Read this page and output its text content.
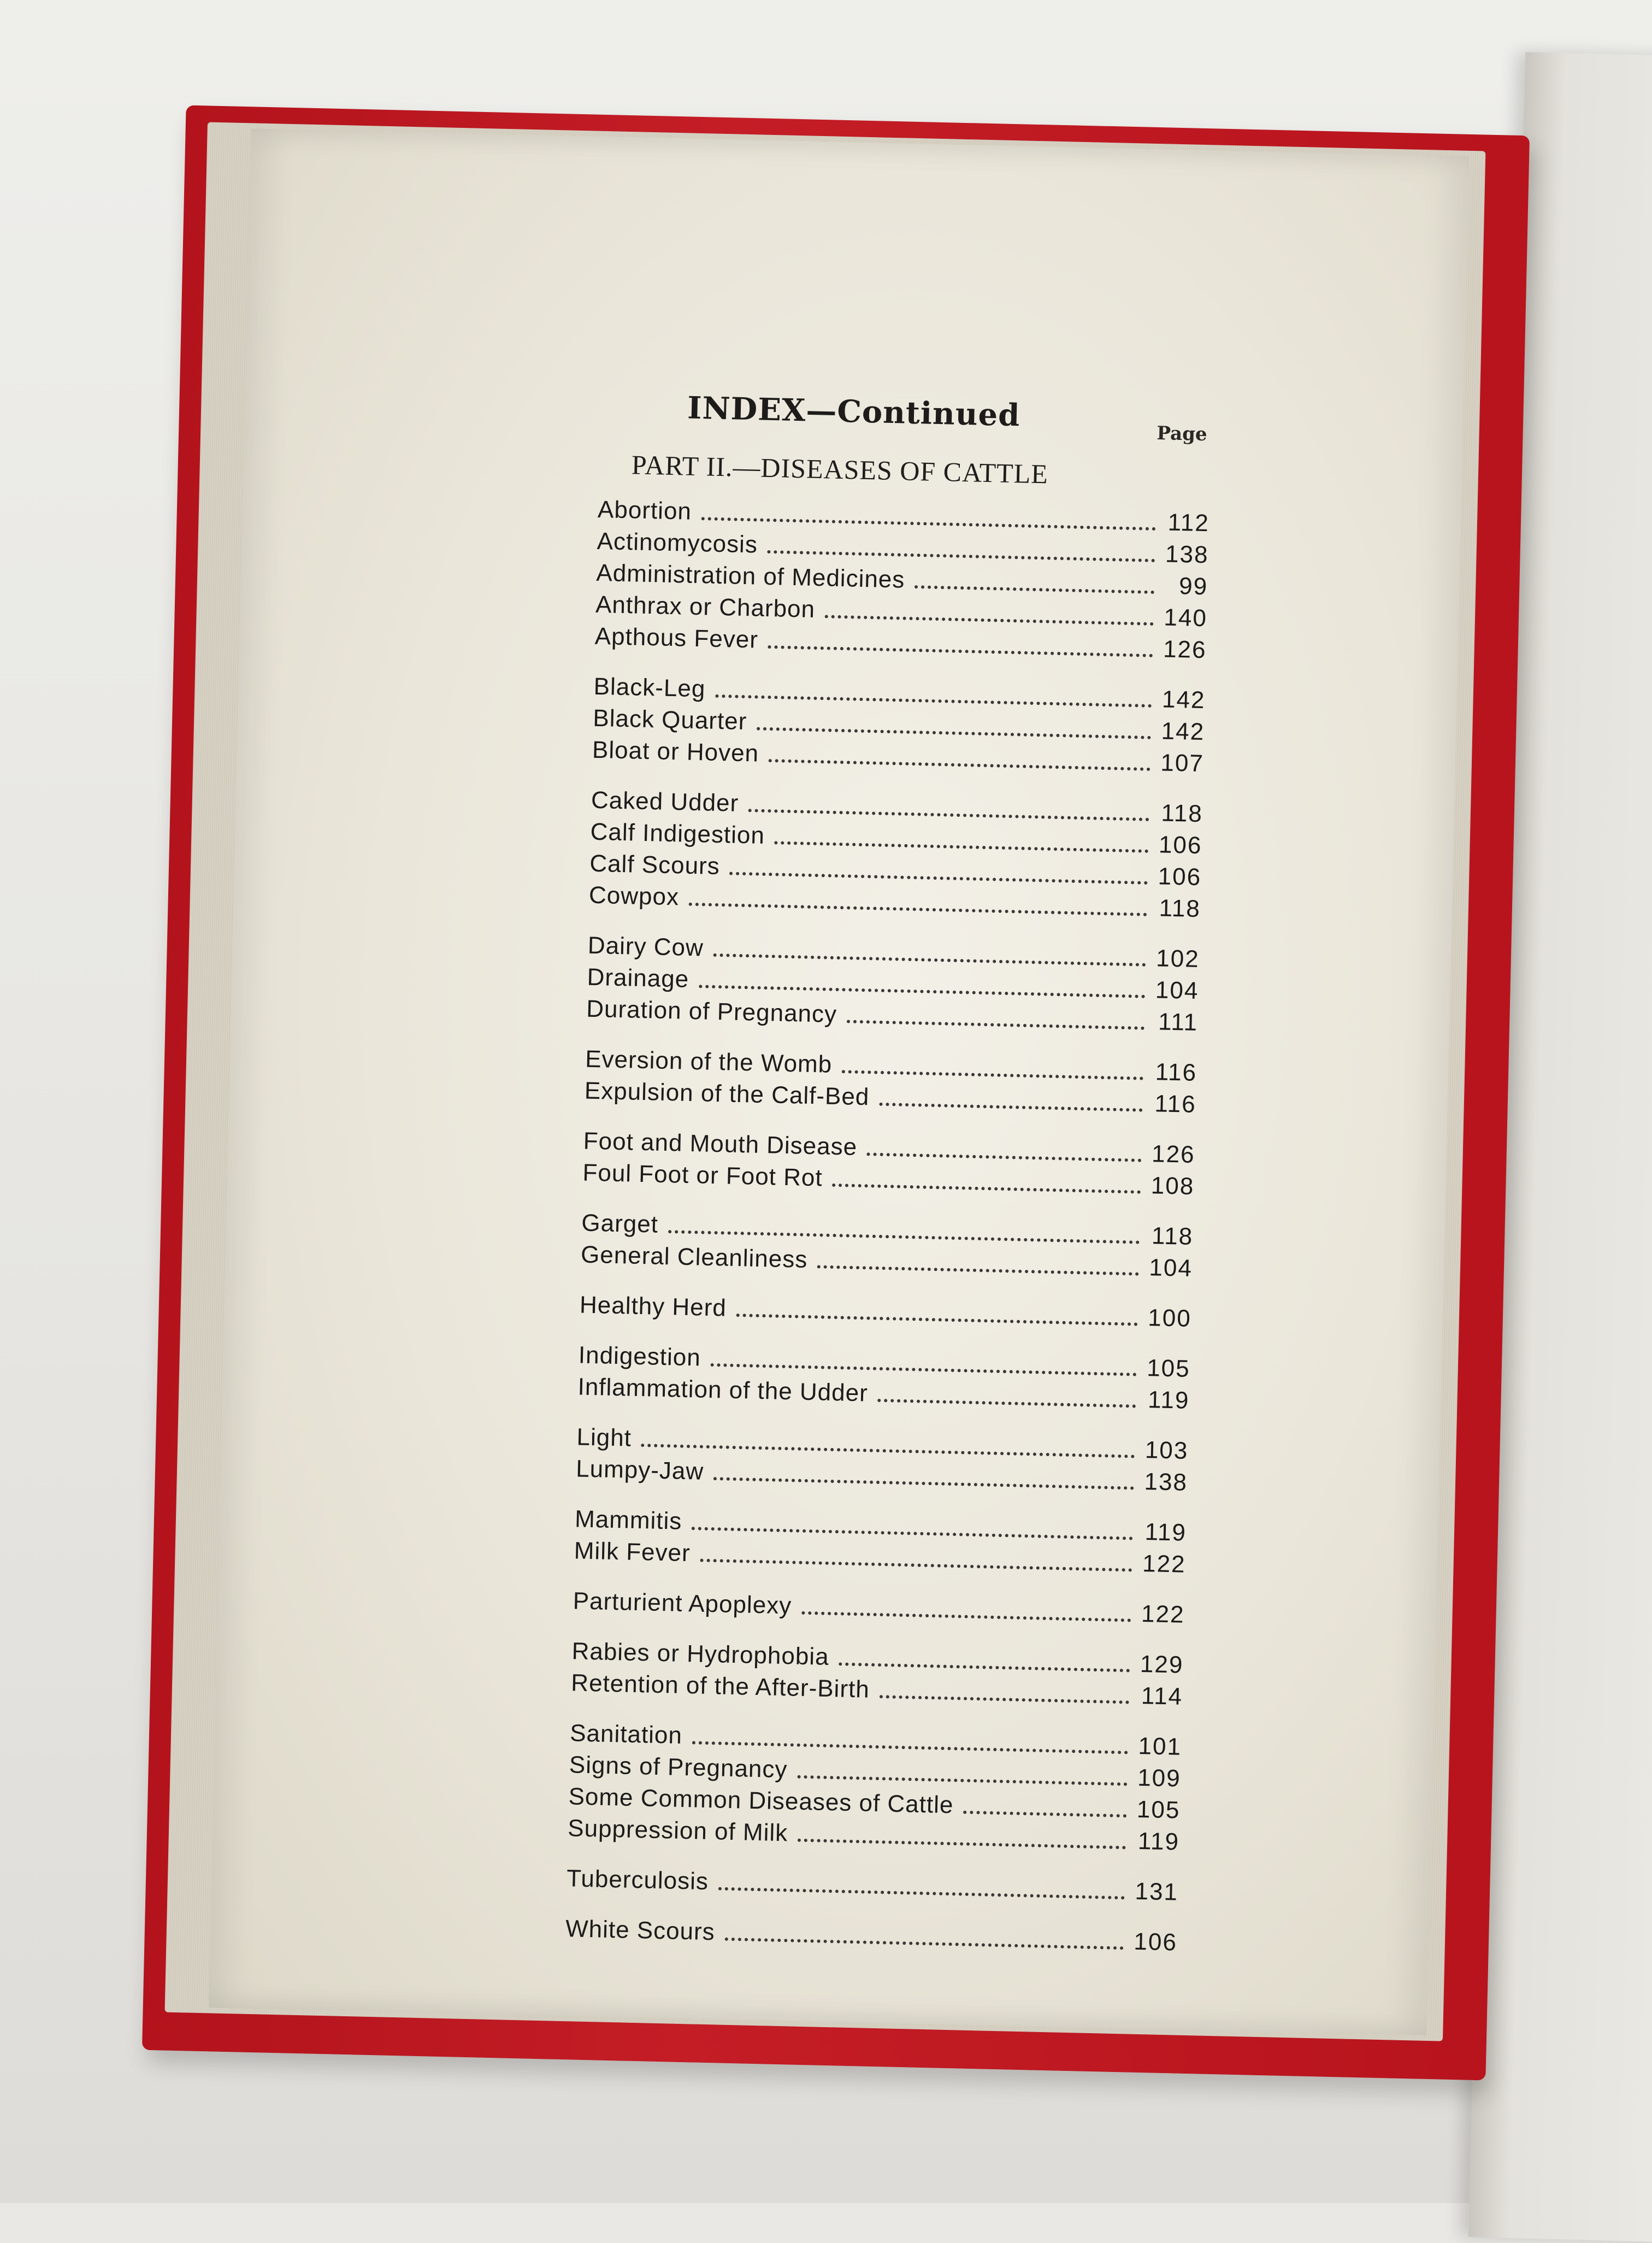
INDEX—Continued
Page
PART II.—DISEASES OF CATTLE
Abortion	112
Actinomycosis	138
Administration of Medicines	99
Anthrax or Charbon	140
Apthous Fever	126
Black-Leg	142
Black Quarter	142
Bloat or Hoven	107
Caked Udder	118
Calf Indigestion	106
Calf Scours	106
Cowpox	118
Dairy Cow	102
Drainage	104
Duration of Pregnancy	111
Eversion of the Womb	116
Expulsion of the Calf-Bed	116
Foot and Mouth Disease	126
Foul Foot or Foot Rot	108
Garget	118
General Cleanliness	104
Healthy Herd	100
Indigestion	105
Inflammation of the Udder	119
Light	103
Lumpy-Jaw	138
Mammitis	119
Milk Fever	122
Parturient Apoplexy	122
Rabies or Hydrophobia	129
Retention of the After-Birth	114
Sanitation	101
Signs of Pregnancy	109
Some Common Diseases of Cattle	105
Suppression of Milk	119
Tuberculosis	131
White Scours	106
